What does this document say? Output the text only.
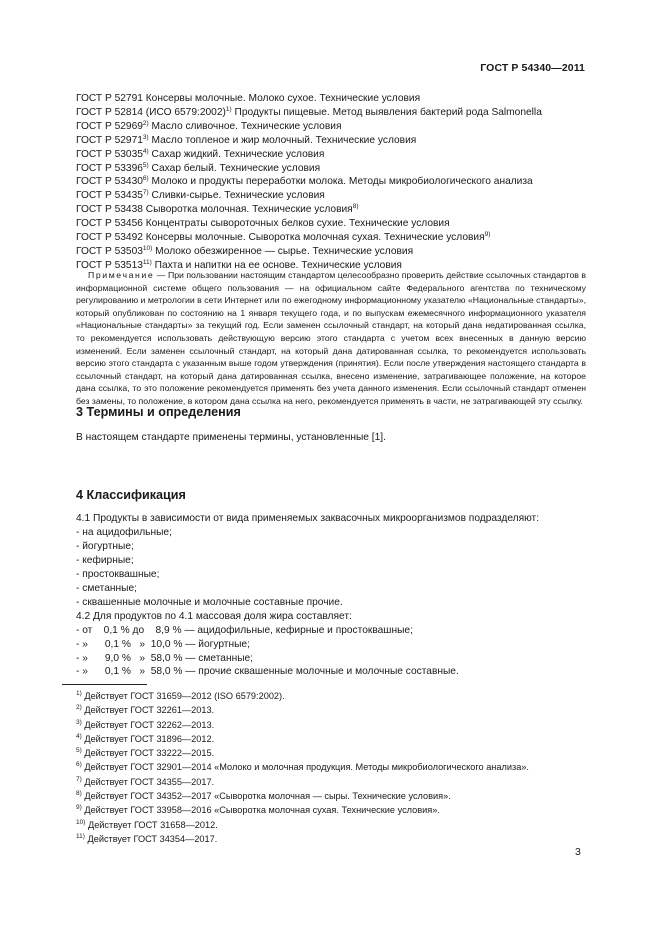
ГОСТ Р 54340—2011
ГОСТ Р 52791 Консервы молочные. Молоко сухое. Технические условия
ГОСТ Р 52814 (ИСО 6579:2002)$^{1)}$ Продукты пищевые. Метод выявления бактерий рода Salmonella
ГОСТ Р 52969$^{2)}$ Масло сливочное. Технические условия
ГОСТ Р 52971$^{3)}$ Масло топленое и жир молочный. Технические условия
ГОСТ Р 53035$^{4)}$ Сахар жидкий. Технические условия
ГОСТ Р 53396$^{5)}$ Сахар белый. Технические условия
ГОСТ Р 53430$^{6)}$ Молоко и продукты переработки молока. Методы микробиологического анализа
ГОСТ Р 53435$^{7)}$ Сливки-сырье. Технические условия
ГОСТ Р 53438 Сыворотка молочная. Технические условия$^{8)}$
ГОСТ Р 53456 Концентраты сывороточных белков сухие. Технические условия
ГОСТ Р 53492 Консервы молочные. Сыворотка молочная сухая. Технические условия$^{9)}$
ГОСТ Р 53503$^{10)}$ Молоко обезжиренное — сырье. Технические условия
ГОСТ Р 53513$^{11)}$ Пахта и напитки на ее основе. Технические условия
Примечание — При пользовании настоящим стандартом целесообразно проверить действие ссылочных стандартов в информационной системе общего пользования — на официальном сайте Федерального агентства по техническому регулированию и метрологии в сети Интернет или по ежегодному информационному указателю «Национальные стандарты», который опубликован по состоянию на 1 января текущего года, и по выпускам ежемесячного информационного указателя «Национальные стандарты» за текущий год. Если заменен ссылочный стандарт, на который дана недатированная ссылка, то рекомендуется использовать действующую версию этого стандарта с учетом всех внесенных в данную версию изменений. Если заменен ссылочный стандарт, на который дана датированная ссылка, то рекомендуется использовать версию этого стандарта с указанным выше годом утверждения (принятия). Если после утверждения настоящего стандарта в ссылочный стандарт, на который дана датированная ссылка, внесено изменение, затрагивающее положение, на которое дана ссылка, то это положение рекомендуется применять без учета данного изменения. Если ссылочный стандарт отменен без замены, то положение, в котором дана ссылка на него, рекомендуется применять в части, не затрагивающей эту ссылку.
3 Термины и определения
В настоящем стандарте применены термины, установленные [1].
4 Классификация
4.1 Продукты в зависимости от вида применяемых заквасочных микроорганизмов подразделяют:
- на ацидофильные;
- йогуртные;
- кефирные;
- простоквашные;
- сметанные;
- сквашенные молочные и молочные составные прочие.
4.2 Для продуктов по 4.1 массовая доля жира составляет:
- от    0,1 % до    8,9 % — ацидофильные, кефирные и простоквашные;
- »      0,1 %   »  10,0 % — йогуртные;
- »      9,0 %   »  58,0 % — сметанные;
- »      0,1 %   »  58,0 % — прочие сквашенные молочные и молочные составные.
$^{1)}$ Действует ГОСТ 31659—2012 (ISO 6579:2002).
$^{2)}$ Действует ГОСТ 32261—2013.
$^{3)}$ Действует ГОСТ 32262—2013.
$^{4)}$ Действует ГОСТ 31896—2012.
$^{5)}$ Действует ГОСТ 33222—2015.
$^{6)}$ Действует ГОСТ 32901—2014 «Молоко и молочная продукция. Методы микробиологического анализа».
$^{7)}$ Действует ГОСТ 34355—2017.
$^{8)}$ Действует ГОСТ 34352—2017 «Сыворотка молочная — сыры. Технические условия».
$^{9)}$ Действует ГОСТ 33958—2016 «Сыворотка молочная сухая. Технические условия».
$^{10)}$ Действует ГОСТ 31658—2012.
$^{11)}$ Действует ГОСТ 34354—2017.
3
